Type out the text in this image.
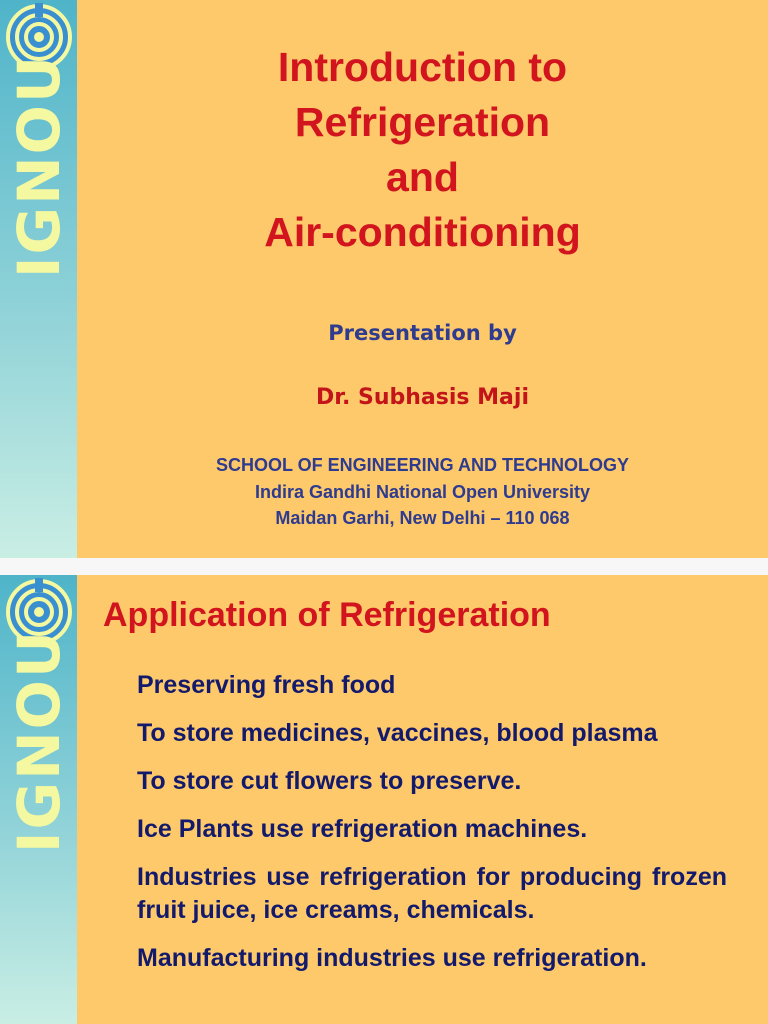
IGNOU	Introduction to
Refrigeration
and
Air-conditioning
Presentation by
Dr. Subhasis Maji
SCHOOL OF ENGINEERING AND TECHNOLOGY
Indira Gandhi National Open University
Maidan Garhi, New Delhi – 110 068
IGNOU
Application of Refrigeration
Preserving fresh food
To store medicines, vaccines, blood plasma
To store cut flowers to preserve.
Ice Plants use refrigeration machines.
Industries use refrigeration for producing frozen fruit juice, ice creams, chemicals.
Manufacturing industries use refrigeration.
